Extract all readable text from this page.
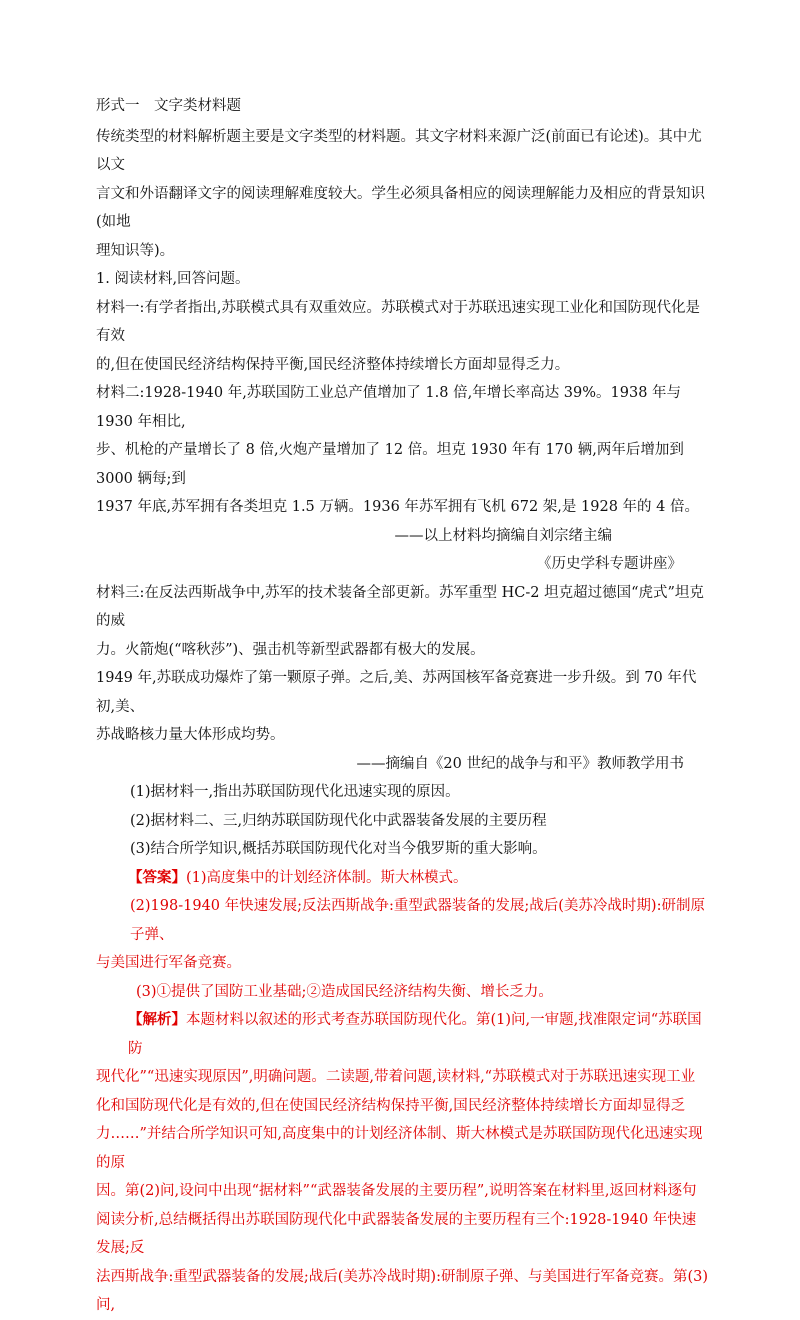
形式一　文字类材料题

传统类型的材料解析题主要是文字类型的材料题。其文字材料来源广泛(前面已有论述)。其中尤以文

言文和外语翻译文字的阅读理解难度较大。学生必须具备相应的阅读理解能力及相应的背景知识(如地

理知识等)。

1. 阅读材料,回答问题。

材料一:有学者指出,苏联模式具有双重效应。苏联模式对于苏联迅速实现工业化和国防现代化是有效

的,但在使国民经济结构保持平衡,国民经济整体持续增长方面却显得乏力。

材料二:1928-1940 年,苏联国防工业总产值增加了 1.8 倍,年增长率高达 39%。1938 年与 1930 年相比,

步、机枪的产量增长了 8 倍,火炮产量增加了 12 倍。坦克 1930 年有 170 辆,两年后增加到 3000 辆每;到

1937 年底,苏军拥有各类坦克 1.5 万辆。1936 年苏军拥有飞机 672 架,是 1928 年的 4 倍。

——以上材料均摘编自刘宗绪主编

《历史学科专题讲座》

材料三:在反法西斯战争中,苏军的技术装备全部更新。苏军重型 HC-2 坦克超过德国“虎式”坦克的威

力。火箭炮(“喀秋莎”)、强击机等新型武器都有极大的发展。

1949 年,苏联成功爆炸了第一颗原子弹。之后,美、苏两国核军备竞赛进一步升级。到 70 年代初,美、

苏战略核力量大体形成均势。

——摘编自《20 世纪的战争与和平》教师教学用书

(1)据材料一,指出苏联国防现代化迅速实现的原因。

(2)据材料二、三,归纳苏联国防现代化中武器装备发展的主要历程

(3)结合所学知识,概括苏联国防现代化对当今俄罗斯的重大影响。

【答案】(1)高度集中的计划经济体制。斯大林模式。

(2)198-1940 年快速发展;反法西斯战争:重型武器装备的发展;战后(美苏冷战时期):研制原子弹、

与美国进行军备竞赛。

(3)①提供了国防工业基础;②造成国民经济结构失衡、增长乏力。

【解析】本题材料以叙述的形式考查苏联国防现代化。第(1)问,一审题,找准限定词“苏联国防

现代化”“迅速实现原因”,明确问题。二读题,带着问题,读材料,“苏联模式对于苏联迅速实现工业

化和国防现代化是有效的,但在使国民经济结构保持平衡,国民经济整体持续增长方面却显得乏

力……”并结合所学知识可知,高度集中的计划经济体制、斯大林模式是苏联国防现代化迅速实现的原

因。第(2)问,设问中出现“据材料”“武器装备发展的主要历程”,说明答案在材料里,返回材料逐句

阅读分析,总结概括得出苏联国防现代化中武器装备发展的主要历程有三个:1928-1940 年快速发展;反

法西斯战争:重型武器装备的发展;战后(美苏冷战时期):研制原子弹、与美国进行军备竞赛。第(3)问,
